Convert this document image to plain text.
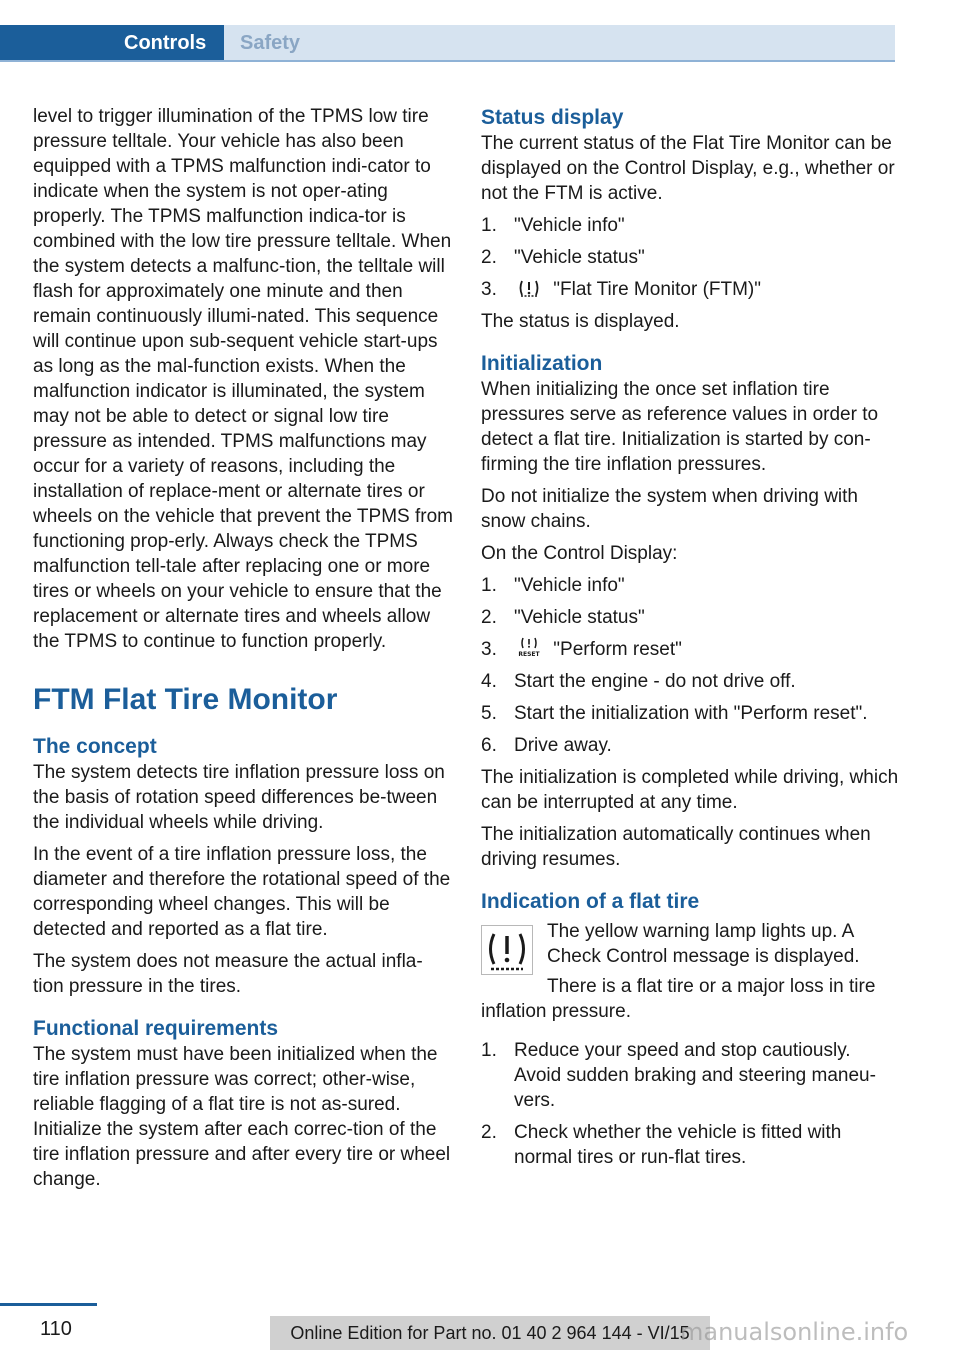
Controls	Safety

level to trigger illumination of the TPMS low tire pressure telltale. Your vehicle has also been equipped with a TPMS malfunction indi‐cator to indicate when the system is not oper‐ating properly. The TPMS malfunction indica‐tor is combined with the low tire pressure telltale. When the system detects a malfunc‐tion, the telltale will flash for approximately one minute and then remain continuously illumi‐nated. This sequence will continue upon sub‐sequent vehicle start-ups as long as the mal‐function exists. When the malfunction indicator is illuminated, the system may not be able to detect or signal low tire pressure as intended. TPMS malfunctions may occur for a variety of reasons, including the installation of replace‐ment or alternate tires or wheels on the vehicle that prevent the TPMS from functioning prop‐erly. Always check the TPMS malfunction tell‐tale after replacing one or more tires or wheels on your vehicle to ensure that the replacement or alternate tires and wheels allow the TPMS to continue to function properly.

FTM Flat Tire Monitor
The concept

The system detects tire inflation pressure loss on the basis of rotation speed differences be‐tween the individual wheels while driving.

In the event of a tire inflation pressure loss, the diameter and therefore the rotational speed of the corresponding wheel changes. This will be detected and reported as a flat tire.

The system does not measure the actual infla‐tion pressure in the tires.

Functional requirements

The system must have been initialized when the tire inflation pressure was correct; other‐wise, reliable flagging of a flat tire is not as‐sured. Initialize the system after each correc‐tion of the tire inflation pressure and after every tire or wheel change.

Status display

The current status of the Flat Tire Monitor can be displayed on the Control Display, e.g., whether or not the FTM is active.

1. "Vehicle info"
2. "Vehicle status"
3.	"Flat Tire Monitor (FTM)"

The status is displayed.

Initialization

When initializing the once set inflation tire pressures serve as reference values in order to detect a flat tire. Initialization is started by con‐firming the tire inflation pressures.

Do not initialize the system when driving with snow chains.

On the Control Display:

1. "Vehicle info"
2. "Vehicle status"
3.	RESET "Perform reset"
4. Start the engine - do not drive off.
5. Start the initialization with "Perform reset".
6. Drive away.

The initialization is completed while driving, which can be interrupted at any time.

The initialization automatically continues when driving resumes.

Indication of a flat tire

The yellow warning lamp lights up. A Check Control message is displayed.

There is a flat tire or a major loss in tire inflation pressure.

1. Reduce your speed and stop cautiously. Avoid sudden braking and steering maneu‐vers.
2. Check whether the vehicle is fitted with normal tires or run-flat tires.
110	Online Edition for Part no. 01 40 2 964 144 - VI/15
manualsonline.info
